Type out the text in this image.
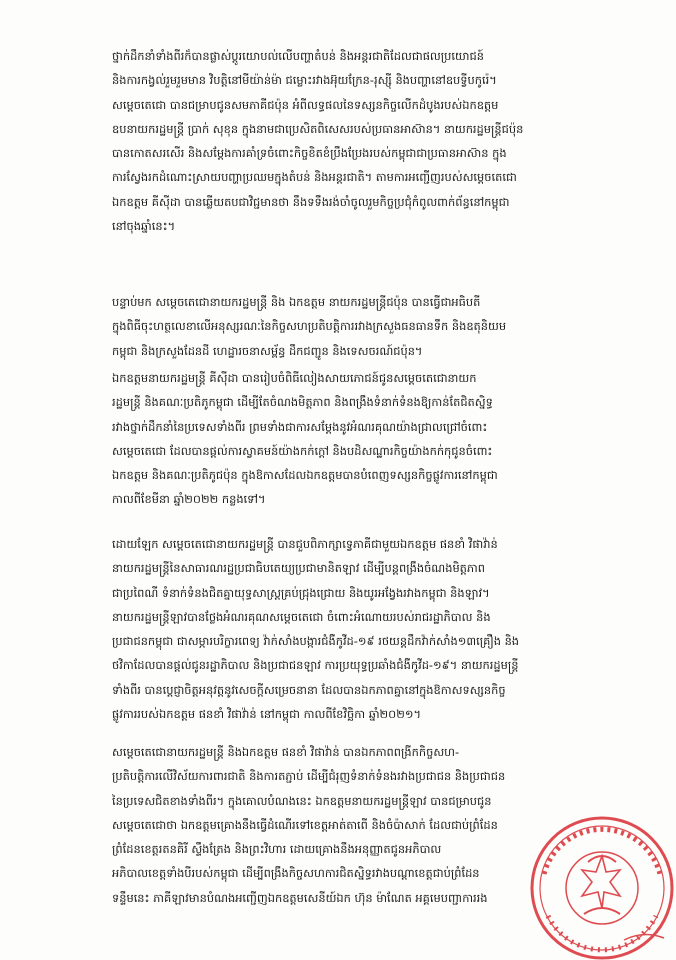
ថ្នាក់ដឹកនាំទាំងពីរក៏បានផ្លាស់ប្តូរយោបល់លើបញ្ហាតំបន់ និងអន្តរជាតិដែលជាផលប្រយោជន៍
និងការកង្វល់រួមរួមមាន វិបត្តិនៅមីយ៉ាន់ម៉ា ជម្លោះរវាងអ៊ុយក្រែន-រុស្ស៊ី និងបញ្ហានៅឧបទ្វីបកូរ៉េ។
សម្តេចតេជោ បានជម្រាបជូនសមភាគីជប៉ុន អំពីលទ្ធផលនៃទស្សនកិច្ចលើកដំបូងរបស់ឯកឧត្តម
ឧបនាយករដ្ឋមន្ត្រី ប្រាក់ សុខុន ក្នុងនាមជាប្រេសិតពិសេសរបស់ប្រធានអាស៊ាន។ នាយករដ្ឋមន្ត្រីជប៉ុន
បានកោតសរសើរ និងសម្តែងការគាំទ្រចំពោះកិច្ចខិតខំប្រឹងប្រែងរបស់កម្ពុជាជាប្រធានអាស៊ាន ក្នុង
ការស្វែងរកដំណោះស្រាយបញ្ហាប្រឈមក្នុងតំបន់ និងអន្តរជាតិ។ តាមការអញ្ជើញរបស់សម្តេចតេជោ
ឯកឧត្តម គីស៊ីដា បានឆ្លើយតបជាវិជ្ជមានថា នឹងទទឹងរង់ចាំចូលរួមកិច្ចប្រជុំកំពូលពាក់ព័ន្ធនៅកម្ពុជា
នៅចុងឆ្នាំនេះ។

បន្ទាប់មក សម្តេចតេជោនាយករដ្ឋមន្ត្រី និង ឯកឧត្តម នាយករដ្ឋមន្ត្រីជប៉ុន បានធ្វើជាអធិបតី
ក្នុងពិធីចុះហត្ថលេខាលើអនុស្សរណៈនៃកិច្ចសហប្រតិបត្តិការរវាងក្រសួងធនធានទឹក និងឧតុនិយម
កម្ពុជា និងក្រសួងដែនដី ហេដ្ឋារចនាសម្ព័ន្ធ ដឹកជញ្ជូន និងទេសចរណ៍ជប៉ុន។

ឯកឧត្តមនាយករដ្ឋមន្ត្រី គីស៊ីដា បានរៀបចំពិធីលៀងសាយភោជន៍ជូនសម្តេចតេជោនាយក
រដ្ឋមន្ត្រី និងគណៈប្រតិភូកម្ពុជា ដើម្បីតែចំណងមិត្តភាព និងពង្រឹងទំនាក់ទំនងឱ្យកាន់តែជិតស្និទ្ធ
រវាងថ្នាក់ដឹកនាំនៃប្រទេសទាំងពីរ ព្រមទាំងជាការសម្តែងនូវអំណរគុណយ៉ាងជ្រាលជ្រៅចំពោះ
សម្តេចតេជោ ដែលបានផ្តល់ការស្វាគមន៍យ៉ាងកក់ក្តៅ និងបដិសណ្ឋារកិច្ចយ៉ាងកក់កុជូនចំពោះ
ឯកឧត្តម និងគណៈប្រតិភូជប៉ុន ក្នុងឱកាសដែលឯកឧត្តមបានបំពេញទស្សនកិច្ចផ្លូវការនៅកម្ពុជា
កាលពីខែមីនា ឆ្នាំ២០២២ កន្លងទៅ។

ដោយឡែក សម្តេចតេជោនាយករដ្ឋមន្ត្រី បានជួបពិភាក្សាទ្វេភាគីជាមួយឯកឧត្តម ផនខាំ វិផាវ៉ាន់
នាយករដ្ឋមន្ត្រីនៃសាធារណរដ្ឋប្រជាធិបតេយ្យប្រជាមានិតឡាវ ដើម្បីបន្តពង្រឹងចំណងមិត្តភាព
ជាប្រពៃណី ទំនាក់ទំនងជិតគ្នាយុទ្ធសាស្ត្រគ្រប់ជ្រុងជ្រោយ និងយូរអង្វែងរវាងកម្ពុជា និងឡាវ។
នាយករដ្ឋមន្ត្រីឡាវបានថ្លែងអំណរគុណសម្តេចតេជោ ចំពោះអំណោយរបស់រាជរដ្ឋាភិបាល និង
ប្រជាជនកម្ពុជា ជាសម្ភារបរិក្ខារពេទ្យ វ៉ាក់សាំងបង្ការជំងឺកូវីដ-១៩ រថយន្តដឹកវ៉ាក់សាំង១៣គ្រឿង និង
ថវិកាដែលបានផ្តល់ជូនរដ្ឋាភិបាល និងប្រជាជនឡាវ ការប្រយុទ្ធប្រឆាំងជំងឺកូវីដ-១៩។ នាយករដ្ឋមន្ត្រី
ទាំងពីរ បានប្តេជ្ញាចិត្តអនុវត្តនូវសេចក្តីសម្រេចនានា ដែលបានឯកភាពគ្នានៅក្នុងឱកាសទស្សនកិច្ច
ផ្លូវការរបស់ឯកឧត្តម ផនខាំ វិផាវ៉ាន់ នៅកម្ពុជា កាលពីខែវិច្ឆិកា ឆ្នាំ២០២១។

សម្តេចតេជោនាយករដ្ឋមន្ត្រី និងឯកឧត្តម ផនខាំ វិផាវ៉ាន់ បានឯកភាពពង្រីកកិច្ចសហ-
ប្រតិបត្តិការលើវិស័យការពារជាតិ និងការតភ្ជាប់ ដើម្បីជំរុញទំនាក់ទំនងរវាងប្រជាជន និងប្រជាជន
នៃប្រទេសជិតខាងទាំងពីរ។ ក្នុងគោលបំណងនេះ ឯកឧត្តមនាយករដ្ឋមន្ត្រីឡាវ បានជម្រាបជូន
សម្តេចតេជោថា ឯកឧត្តមគ្រោងនឹងធ្វើដំណើរទៅខេត្តអាត់តាពើ និងចំប៉ាសាក់ ដែលជាប់ព្រំដែន
ព្រំដែនខេត្តរតនគិរី ស្ទឹងត្រែង និងព្រះវិហារ ដោយគ្រោងនឹងអនុញ្ញាតជូនអភិបាល
អភិបាលខេត្តទាំងបីរបស់កម្ពុជា ដើម្បីពង្រឹងកិច្ចសហការជិតស្និទ្ធរវាងបណ្តាខេត្តជាប់ព្រំដែន
ទន្ទឹមនេះ ភាគីឡាវមានបំណងអញ្ជើញឯកឧត្តមសេនីយ៍ឯក ហ៊ុន ម៉ាណែត អគ្គមេបញ្ជាការរង
